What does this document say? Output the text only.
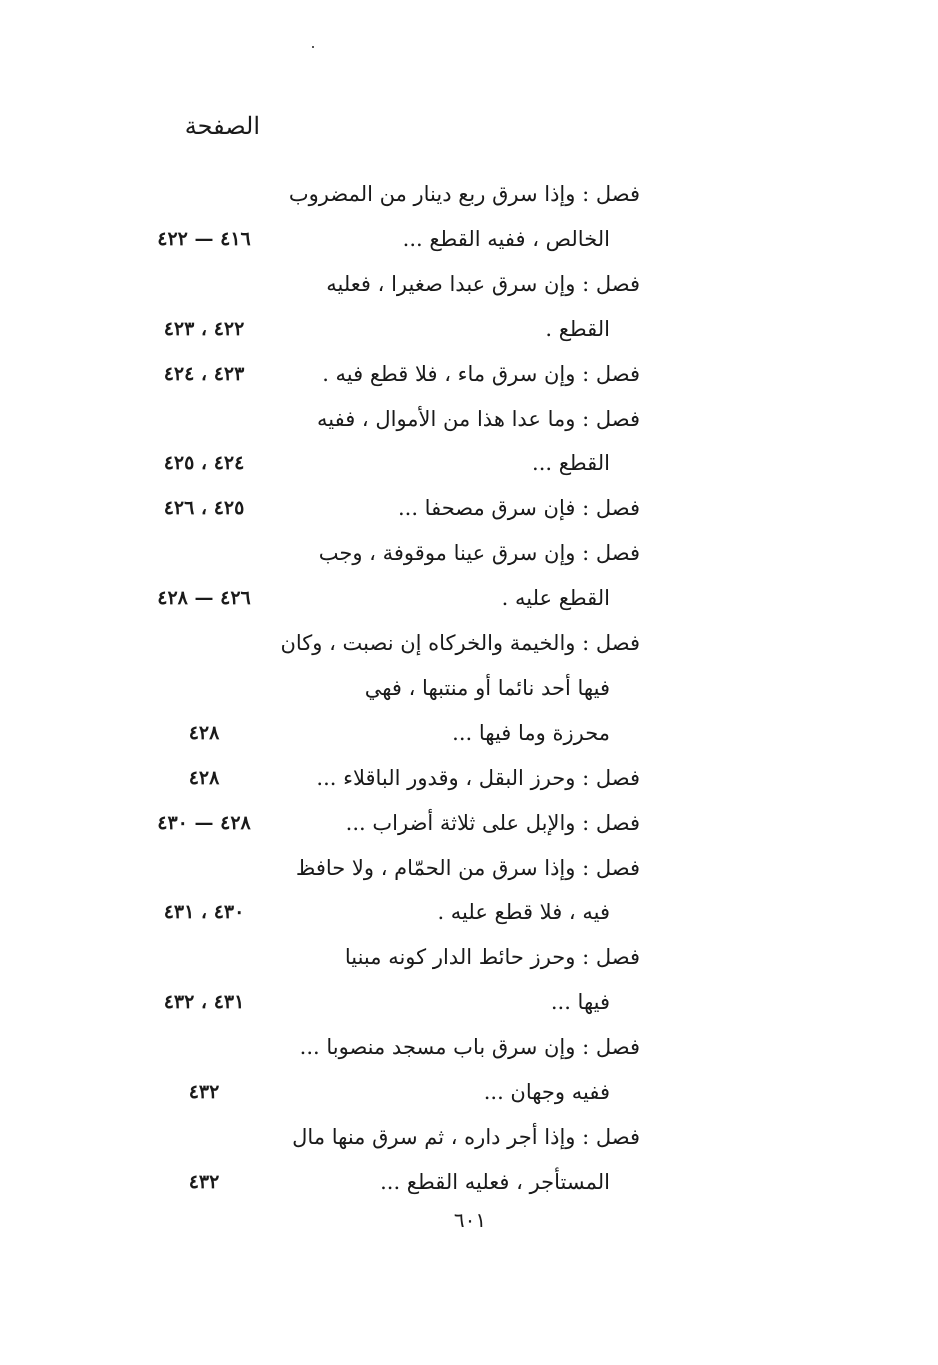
الصفحة
فصل : وإذا سرق ربع دينار من المضروب
الخالص ، ففيه القطع ...
٤١٦ — ٤٢٢
فصل : وإن سرق عبدا صغيرا ، فعليه
القطع .
٤٢٢ ، ٤٢٣
فصل : وإن سرق ماء ، فلا قطع فيه .
٤٢٣ ، ٤٢٤
فصل : وما عدا هذا من الأموال ، ففيه
القطع ...
٤٢٤ ، ٤٢٥
فصل : فإن سرق مصحفا ...
٤٢٥ ، ٤٢٦
فصل : وإن سرق عينا موقوفة ، وجب
القطع عليه .
٤٢٦ — ٤٢٨
فصل : والخيمة والخركاه إن نصبت ، وكان
فيها أحد نائما أو منتبها ، فهي
محرزة وما فيها ...
٤٢٨
فصل : وحرز البقل ، وقدور الباقلاء ...
٤٢٨
فصل : والإبل على ثلاثة أضراب ...
٤٢٨ — ٤٣٠
فصل : وإذا سرق من الحمّام ، ولا حافظ
فيه ، فلا قطع عليه .
٤٣٠ ، ٤٣١
فصل : وحرز حائط الدار كونه مبنيا
فيها ...
٤٣١ ، ٤٣٢
فصل : وإن سرق باب مسجد منصوبا ...
ففيه وجهان ...
٤٣٢
فصل : وإذا أجر داره ، ثم سرق منها مال
المستأجر ، فعليه القطع ...
٤٣٢
٦٠١
